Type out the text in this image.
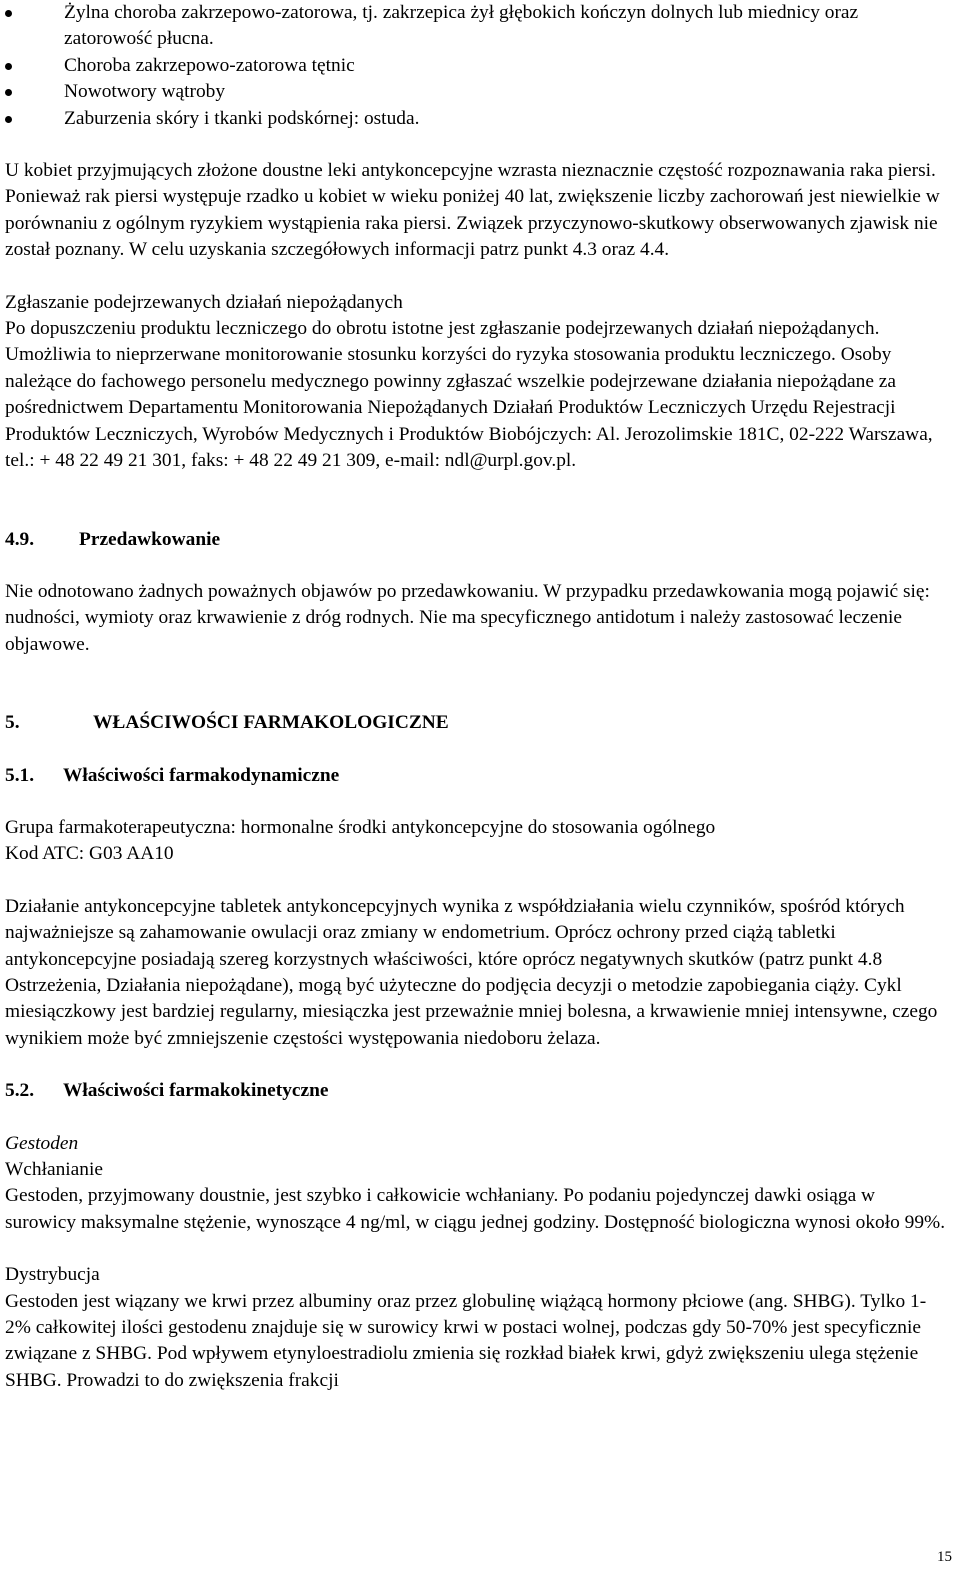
Żylna choroba zakrzepowo-zatorowa, tj. zakrzepica żył głębokich kończyn dolnych lub miednicy oraz zatorowość płucna.
Choroba zakrzepowo-zatorowa tętnic
Nowotwory wątroby
Zaburzenia skóry i tkanki podskórnej: ostuda.

U kobiet przyjmujących złożone doustne leki antykoncepcyjne wzrasta nieznacznie częstość rozpoznawania raka piersi. Ponieważ rak piersi występuje rzadko u kobiet w wieku poniżej 40 lat, zwiększenie liczby zachorowań jest niewielkie w porównaniu z ogólnym ryzykiem wystąpienia raka piersi. Związek przyczynowo-skutkowy obserwowanych zjawisk nie został poznany. W celu uzyskania szczegółowych informacji patrz punkt 4.3 oraz 4.4.

Zgłaszanie podejrzewanych działań niepożądanych

Po dopuszczeniu produktu leczniczego do obrotu istotne jest zgłaszanie podejrzewanych działań niepożądanych. Umożliwia to nieprzerwane monitorowanie stosunku korzyści do ryzyka stosowania produktu leczniczego. Osoby należące do fachowego personelu medycznego powinny zgłaszać wszelkie podejrzewane działania niepożądane za pośrednictwem Departamentu Monitorowania Niepożądanych Działań Produktów Leczniczych Urzędu Rejestracji Produktów Leczniczych, Wyrobów Medycznych i Produktów Biobójczych: Al. Jerozolimskie 181C, 02-222 Warszawa, tel.: + 48 22 49 21 301, faks: + 48 22 49 21 309, e-mail: ndl@urpl.gov.pl.

4.9. Przedawkowanie

Nie odnotowano żadnych poważnych objawów po przedawkowaniu. W przypadku przedawkowania mogą pojawić się: nudności, wymioty oraz krwawienie z dróg rodnych. Nie ma specyficznego antidotum i należy zastosować leczenie objawowe.

5.	WŁAŚCIWOŚCI FARMAKOLOGICZNE
5.1. Właściwości farmakodynamiczne

Grupa farmakoterapeutyczna: hormonalne środki antykoncepcyjne do stosowania ogólnego

Kod ATC: G03 AA10

Działanie antykoncepcyjne tabletek antykoncepcyjnych wynika z współdziałania wielu czynników, spośród których najważniejsze są zahamowanie owulacji oraz zmiany w endometrium. Oprócz ochrony przed ciążą tabletki antykoncepcyjne posiadają szereg korzystnych właściwości, które oprócz negatywnych skutków (patrz punkt 4.8 Ostrzeżenia, Działania niepożądane), mogą być użyteczne do podjęcia decyzji o metodzie zapobiegania ciąży. Cykl miesiączkowy jest bardziej regularny, miesiączka jest przeważnie mniej bolesna, a krwawienie mniej intensywne, czego wynikiem może być zmniejszenie częstości występowania niedoboru żelaza.

5.2. Właściwości farmakokinetyczne

Gestoden

Wchłanianie

Gestoden, przyjmowany doustnie, jest szybko i całkowicie wchłaniany. Po podaniu pojedynczej dawki osiąga w surowicy maksymalne stężenie, wynoszące 4 ng/ml, w ciągu jednej godziny. Dostępność biologiczna wynosi około 99%.

Dystrybucja

Gestoden jest wiązany we krwi przez albuminy oraz przez globulinę wiążącą hormony płciowe (ang. SHBG). Tylko 1-2% całkowitej ilości gestodenu znajduje się w surowicy krwi w postaci wolnej, podczas gdy 50-70% jest specyficznie związane z SHBG. Pod wpływem etynyloestradiolu zmienia się rozkład białek krwi, gdyż zwiększeniu ulega stężenie SHBG. Prowadzi to do zwiększenia frakcji

15
